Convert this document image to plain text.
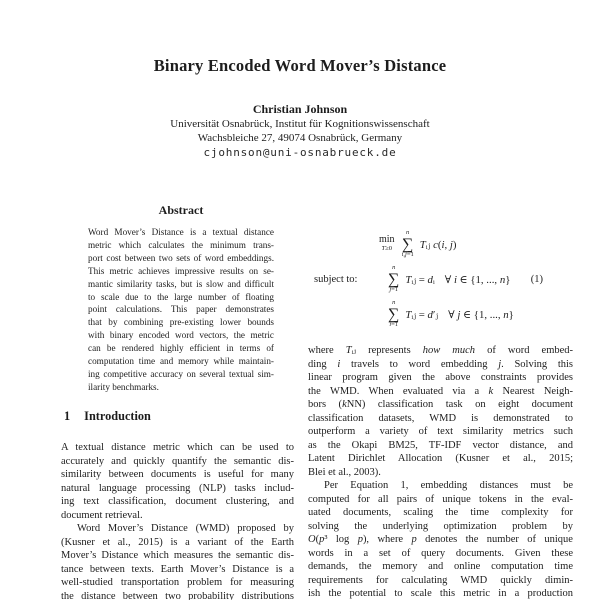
Binary Encoded Word Mover’s Distance
Christian Johnson
Universität Osnabrück, Institut für Kognitionswissenschaft
Wachsbleiche 27, 49074 Osnabrück, Germany
cjohnson@uni-osnabrueck.de
Abstract
Word Mover’s Distance is a textual distance
metric which calculates the minimum trans-
port cost between two sets of word embeddings.
This metric achieves impressive results on se-
mantic similarity tasks, but is slow and difficult
to scale due to the large number of floating
point calculations. This paper demonstrates
that by combining pre-existing lower bounds
with binary encoded word vectors, the metric
can be rendered highly efficient in terms of
computation time and memory while maintain-
ing competitive accuracy on several textual sim-
ilarity benchmarks.
1 Introduction
A textual distance metric which can be used to
accurately and quickly quantify the semantic dis-
similarity between documents is useful for many
natural language processing (NLP) tasks includ-
ing text classification, document clustering, and
document retrieval.
Word Mover’s Distance (WMD) proposed by
(Kusner et al., 2015) is a variant of the Earth
Mover’s Distance which measures the semantic dis-
tance between texts. Earth Mover’s Distance is a
well-studied transportation problem for measuring
the distance between two probability distributions
min
T≥0
n
∑
i,j=1
Tᵢⱼ c(i, j)
subject to:
n
∑
j=1
Tᵢⱼ = dᵢ ∀ i ∈ {1, ..., n} (1)
n
∑
i=1
Tᵢⱼ = d′ⱼ ∀ j ∈ {1, ..., n}
where Tᵢⱼ represents how much of word embed-
ding i travels to word embedding j. Solving this
linear program given the above constraints provides
the WMD. When evaluated via a k Nearest Neigh-
bors (kNN) classification task on eight document
classification datasets, WMD is demonstrated to
outperform a variety of text similarity metrics such
as the Okapi BM25, TF-IDF vector distance, and
Latent Dirichlet Allocation (Kusner et al., 2015;
Blei et al., 2003).
Per Equation 1, embedding distances must be
computed for all pairs of unique tokens in the eval-
uated documents, scaling the time complexity for
solving the underlying optimization problem by
O(p³ log p), where p denotes the number of unique
words in a set of query documents. Given these
demands, the memory and online computation time
requirements for calculating WMD quickly dimin-
ish the potential to scale this metric in a production
